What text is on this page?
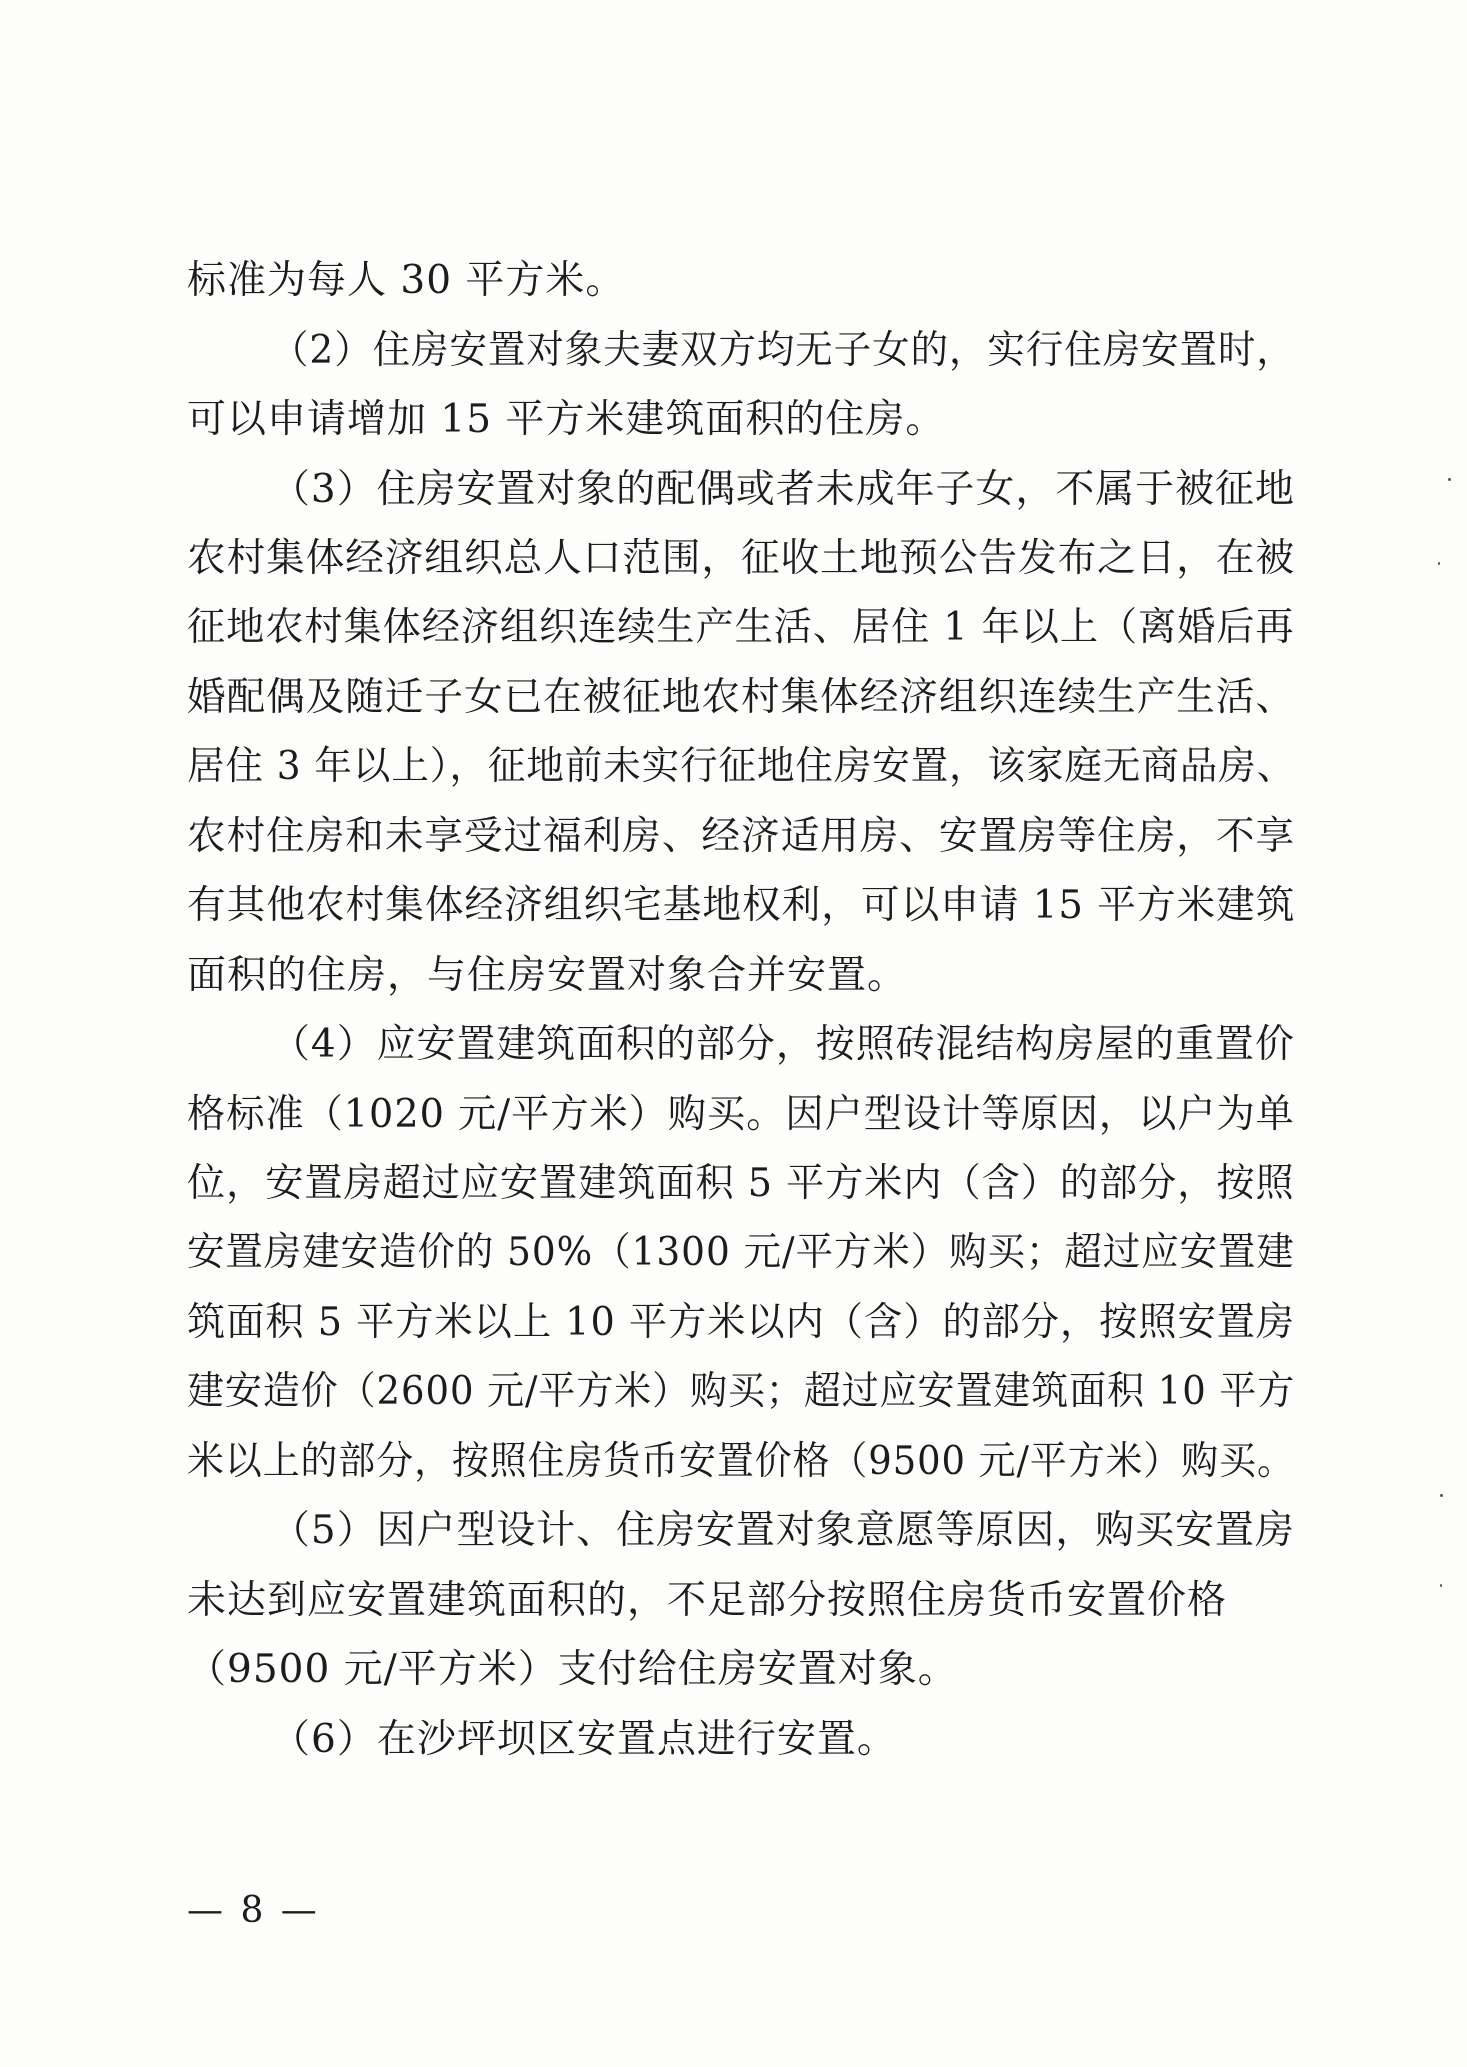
标准为每人 30 平方米。
（2）住房安置对象夫妻双方均无子女的，实行住房安置时，
可以申请增加 15 平方米建筑面积的住房。
（3）住房安置对象的配偶或者未成年子女，不属于被征地
农村集体经济组织总人口范围，征收土地预公告发布之日，在被
征地农村集体经济组织连续生产生活、居住 1 年以上（离婚后再
婚配偶及随迁子女已在被征地农村集体经济组织连续生产生活、
居住 3 年以上），征地前未实行征地住房安置，该家庭无商品房、
农村住房和未享受过福利房、经济适用房、安置房等住房，不享
有其他农村集体经济组织宅基地权利，可以申请 15 平方米建筑
面积的住房，与住房安置对象合并安置。
（4）应安置建筑面积的部分，按照砖混结构房屋的重置价
格标准（1020 元/平方米）购买。因户型设计等原因，以户为单
位，安置房超过应安置建筑面积 5 平方米内（含）的部分，按照
安置房建安造价的 50%（1300 元/平方米）购买；超过应安置建
筑面积 5 平方米以上 10 平方米以内（含）的部分，按照安置房
建安造价（2600 元/平方米）购买；超过应安置建筑面积 10 平方
米以上的部分，按照住房货币安置价格（9500 元/平方米）购买。
（5）因户型设计、住房安置对象意愿等原因，购买安置房
未达到应安置建筑面积的，不足部分按照住房货币安置价格
（9500 元/平方米）支付给住房安置对象。
（6）在沙坪坝区安置点进行安置。
— 8 —
